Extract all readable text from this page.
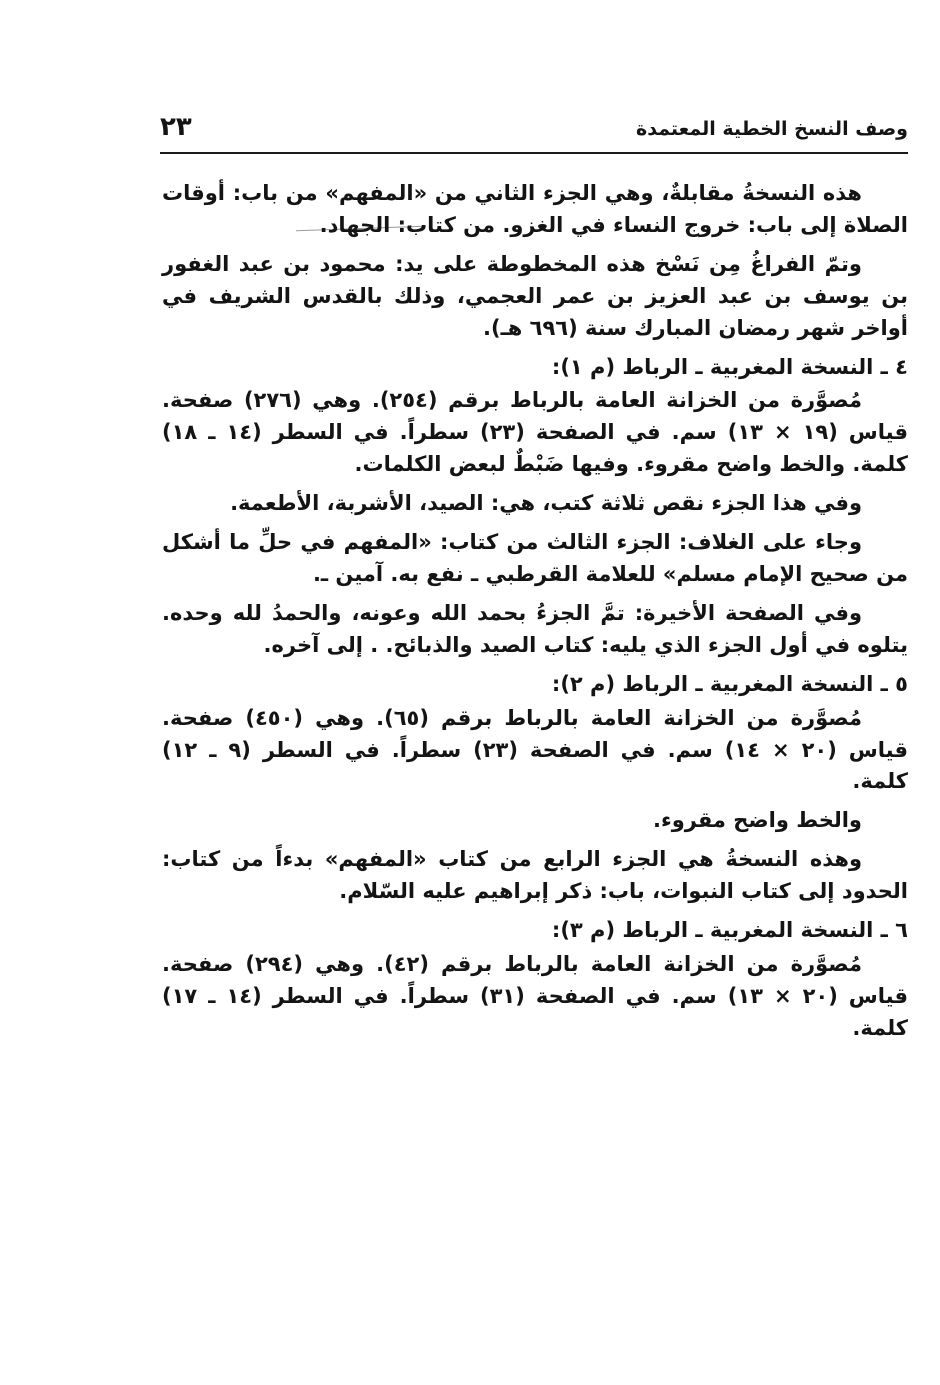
وصف النسخ الخطية المعتمدة
٢٣

هذه النسخةُ مقابلةٌ، وهي الجزء الثاني من «المفهم» من باب: أوقات الصلاة إلى باب: خروج النساء في الغزو. من كتاب: الجهاد.

وتمّ الفراغُ مِن نَسْخ هذه المخطوطة على يد: محمود بن عبد الغفور بن يوسف بن عبد العزيز بن عمر العجمي، وذلك بالقدس الشريف في أواخر شهر رمضان المبارك سنة (٦٩٦ هـ).

٤ ـ النسخة المغربية ـ الرباط (م ١):

مُصوَّرة من الخزانة العامة بالرباط برقم (٢٥٤). وهي (٢٧٦) صفحة. قياس (١٩ × ١٣) سم. في الصفحة (٢٣) سطراً. في السطر (١٤ ـ ١٨) كلمة. والخط واضح مقروء. وفيها ضَبْطٌ لبعض الكلمات.

وفي هذا الجزء نقص ثلاثة كتب، هي: الصيد، الأشربة، الأطعمة.

وجاء على الغلاف: الجزء الثالث من كتاب: «المفهم في حلِّ ما أشكل من صحيح الإمام مسلم» للعلامة القرطبي ـ نفع به. آمين ـ.

وفي الصفحة الأخيرة: تمَّ الجزءُ بحمد الله وعونه، والحمدُ لله وحده. يتلوه في أول الجزء الذي يليه: كتاب الصيد والذبائح. . إلى آخره.

٥ ـ النسخة المغربية ـ الرباط (م ٢):

مُصوَّرة من الخزانة العامة بالرباط برقم (٦٥). وهي (٤٥٠) صفحة. قياس (٢٠ × ١٤) سم. في الصفحة (٢٣) سطراً. في السطر (٩ ـ ١٢) كلمة.

والخط واضح مقروء.

وهذه النسخةُ هي الجزء الرابع من كتاب «المفهم» بدءاً من كتاب: الحدود إلى كتاب النبوات، باب: ذكر إبراهيم عليه السّلام.

٦ ـ النسخة المغربية ـ الرباط (م ٣):

مُصوَّرة من الخزانة العامة بالرباط برقم (٤٢). وهي (٢٩٤) صفحة. قياس (٢٠ × ١٣) سم. في الصفحة (٣١) سطراً. في السطر (١٤ ـ ١٧) كلمة.
